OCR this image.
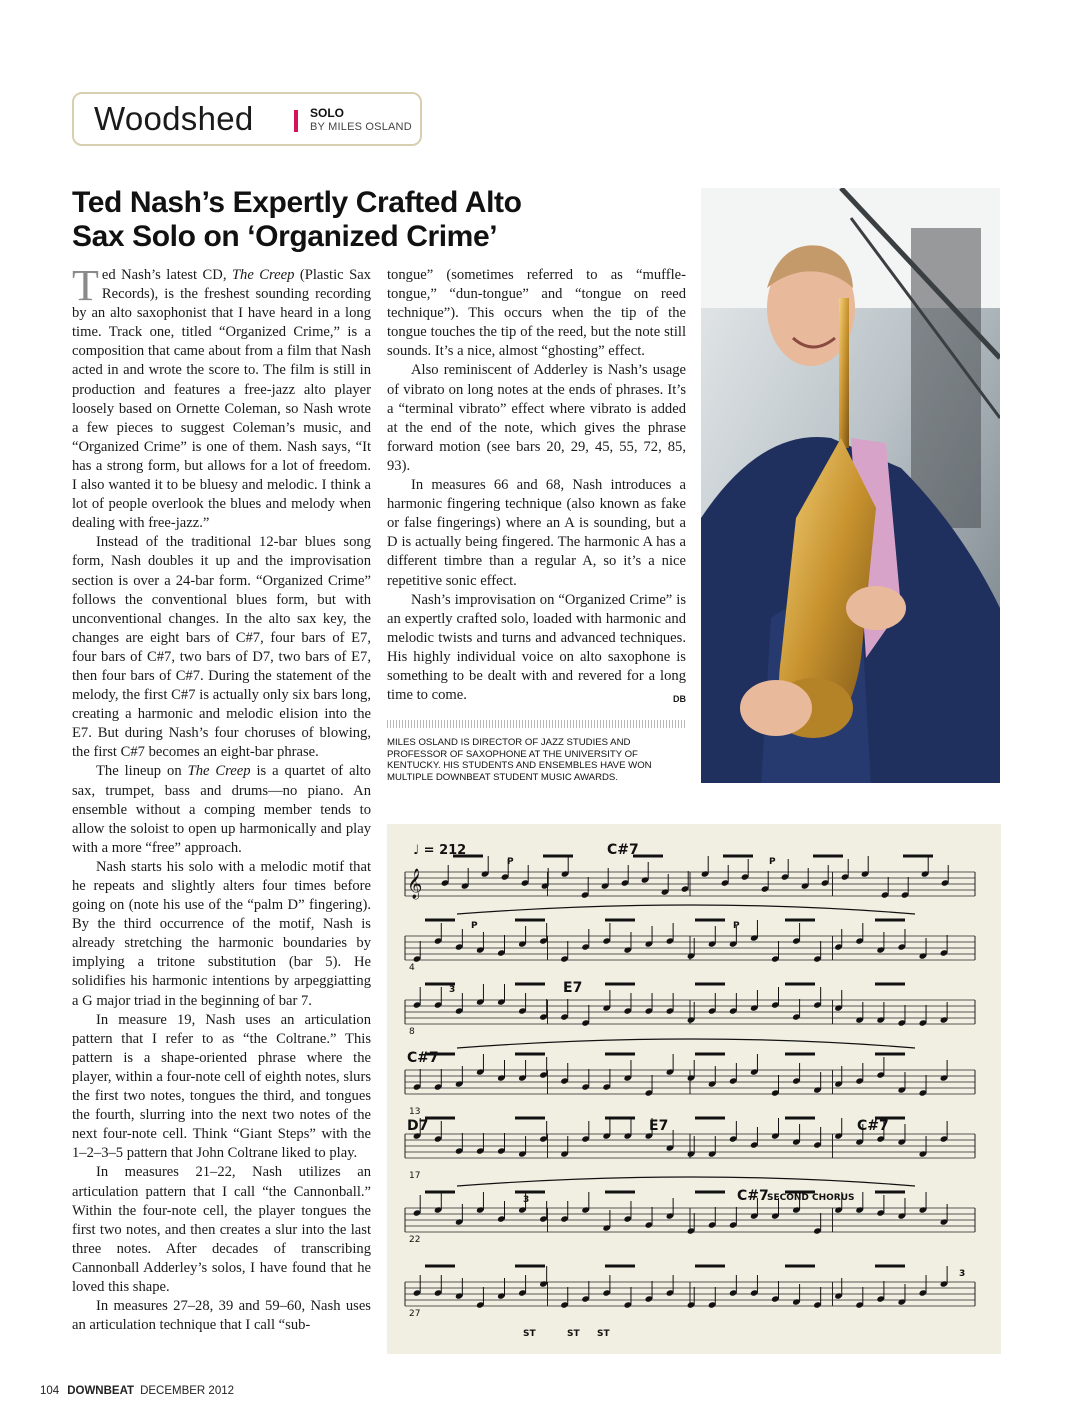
Woodshed	SOLO
BY MILES OSLAND
Ted Nash’s Expertly Crafted Alto
Sax Solo on ‘Organized Crime’

Ted Nash’s latest CD, The Creep (Plastic Sax Records), is the freshest sounding recording by an alto saxophonist that I have heard in a long time. Track one, titled “Organized Crime,” is a composition that came about from a film that Nash acted in and wrote the score to. The film is still in production and features a free-jazz alto player loosely based on Ornette Coleman, so Nash wrote a few pieces to suggest Coleman’s music, and “Organized Crime” is one of them. Nash says, “It has a strong form, but allows for a lot of freedom. I also wanted it to be bluesy and melodic. I think a lot of people overlook the blues and melody when dealing with free-jazz.”

Instead of the traditional 12-bar blues song form, Nash doubles it up and the improvisation section is over a 24-bar form. “Organized Crime” follows the conventional blues form, but with unconventional changes. In the alto sax key, the changes are eight bars of C#7, four bars of E7, four bars of C#7, two bars of D7, two bars of E7, then four bars of C#7. During the statement of the melody, the first C#7 is actually only six bars long, creating a harmonic and melodic elision into the E7. But during Nash’s four choruses of blowing, the first C#7 becomes an eight-bar phrase.

The lineup on The Creep is a quartet of alto sax, trumpet, bass and drums—no piano. An ensemble without a comping member tends to allow the soloist to open up harmonically and play with a more “free” approach.

Nash starts his solo with a melodic motif that he repeats and slightly alters four times before going on (note his use of the “palm D” fingering). By the third occurrence of the motif, Nash is already stretching the harmonic boundaries by implying a tritone substitution (bar 5). He solidifies his harmonic intentions by arpeggiatting a G major triad in the beginning of bar 7.

In measure 19, Nash uses an articulation pattern that I refer to as “the Coltrane.” This pattern is a shape-oriented phrase where the player, within a four-note cell of eighth notes, slurs the first two notes, tongues the third, and tongues the fourth, slurring into the next two notes of the next four-note cell. Think “Giant Steps” with the 1–2–3–5 pattern that John Coltrane liked to play.

In measures 21–22, Nash utilizes an articulation pattern that I call “the Cannonball.” Within the four-note cell, the player tongues the first two notes, and then creates a slur into the last three notes. After decades of transcribing Cannonball Adderley’s solos, I have found that he loved this shape.

In measures 27–28, 39 and 59–60, Nash uses an articulation technique that I call “sub-

tongue” (sometimes referred to as “muffle-tongue,” “dun-tongue” and “tongue on reed technique”). This occurs when the tip of the tongue touches the tip of the reed, but the note still sounds. It’s a nice, almost “ghosting” effect.

Also reminiscent of Adderley is Nash’s usage of vibrato on long notes at the ends of phrases. It’s a “terminal vibrato” effect where vibrato is added at the end of the note, which gives the phrase forward motion (see bars 20, 29, 45, 55, 72, 85, 93).

In measures 66 and 68, Nash introduces a harmonic fingering technique (also known as fake or false fingerings) where an A is sounding, but a D is actually being fingered. The harmonic A has a different timbre than a regular A, so it’s a nice repetitive sonic effect.

Nash’s improvisation on “Organized Crime” is an expertly crafted solo, loaded with harmonic and melodic twists and turns and advanced techniques. His highly individual voice on alto saxophone is something to be dealt with and revered for a long time to come.	DB

MILES OSLAND IS DIRECTOR OF JAZZ STUDIES AND PROFESSOR OF SAXOPHONE AT THE UNIVERSITY OF KENTUCKY. HIS STUDENTS AND ENSEMBLES HAVE WON MULTIPLE DOWNBEAT STUDENT MUSIC AWARDS.
𝄞
♩ = 212	C#7
E7
C#7
D7	E7	C#7
C#7
SECOND CHORUS
4
8
13
17
22
27
P	P
P	P
3
3
3
ST	ST ST
104 DOWNBEAT DECEMBER 2012
